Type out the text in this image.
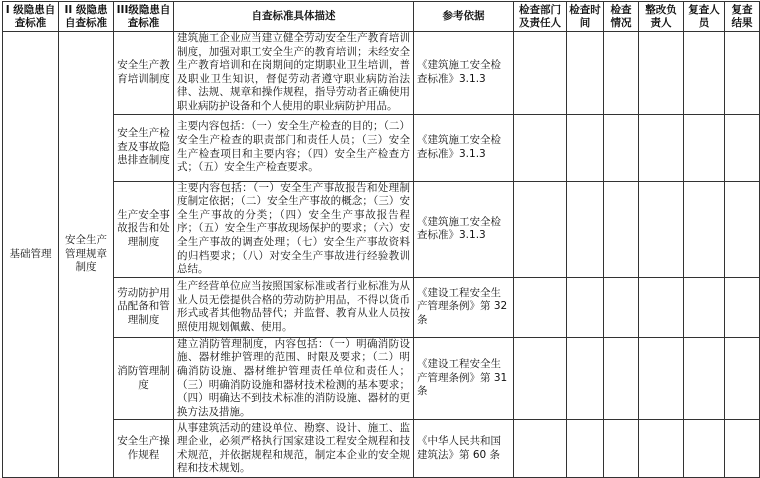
I 级隐患自查标准	II 级隐患自查标准	III级隐患自查标准	自查标准具体描述	参考依据	检查部门及责任人	检查时间	检查情况	整改负责人	复查人员	复查结果
基础管理	安全生产管理规章制度	安全生产教育培训制度	建筑施工企业应当建立健全劳动安全生产教育培训制度，加强对职工安全生产的教育培训；未经安全生产教育培训和在岗期间的定期职业卫生培训，普及职业卫生知识，督促劳动者遵守职业病防治法律、法规、规章和操作规程，指导劳动者正确使用职业病防护设备和个人使用的职业病防护用品。	《建筑施工安全检查标准》3.1.3						
		安全生产检查及事故隐患排查制度	主要内容包括：（一）安全生产检查的目的；（二）安全生产检查的职责部门和责任人员；（三）安全生产检查项目和主要内容；（四）安全生产检查方式；（五）安全生产检查要求。	《建筑施工安全检查标准》3.1.3						
		生产安全事故报告和处理制度	主要内容包括：（一）安全生产事故报告和处理制度制定依据；（二）安全生产事故的概念；（三）安全生产事故的分类；（四）安全生产事故报告程序；（五）安全生产事故现场保护的要求；（六）安全生产事故的调查处理；（七）安全生产事故资料的归档要求；（八）对安全生产事故进行经验教训总结。	《建筑施工安全检查标准》3.1.3						
		劳动防护用品配备和管理制度	生产经营单位应当按照国家标准或者行业标准为从业人员无偿提供合格的劳动防护用品，不得以货币形式或者其他物品替代；并监督、教育从业人员按照使用规划佩戴、使用。	《建设工程安全生产管理条例》第 32 条						
		消防管理制度	建立消防管理制度，内容包括：（一）明确消防设施、器材维护管理的范围、时限及要求；（二）明确消防设施、器材维护管理责任单位和责任人；（三）明确消防设施和器材技术检测的基本要求；（四）明确达不到技术标准的消防设施、器材的更换方法及措施。	《建设工程安全生产管理条例》第 31 条						
		安全生产操作规程	从事建筑活动的建设单位、勘察、设计、施工、监理企业，必须严格执行国家建设工程安全规程和技术规范，并依据规程和规范，制定本企业的安全规程和技术规划。	《中华人民共和国建筑法》第 60 条						
